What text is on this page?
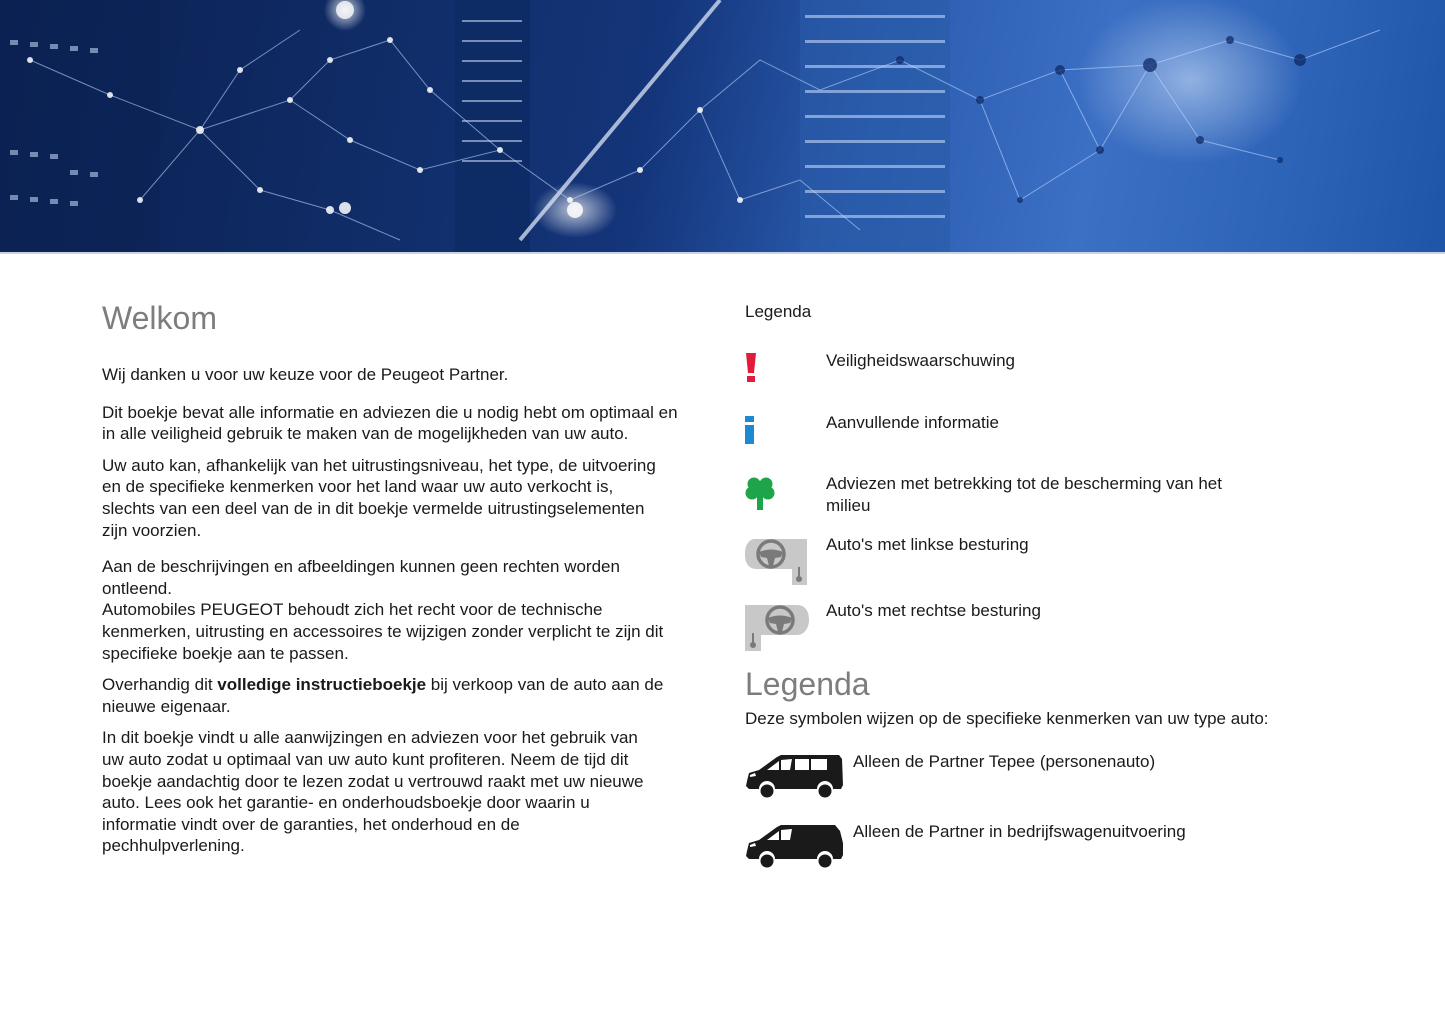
Welkom

Wij danken u voor uw keuze voor de Peugeot Partner.

Dit boekje bevat alle informatie en adviezen die u nodig hebt om optimaal en in alle veiligheid gebruik te maken van de mogelijkheden van uw auto.

Uw auto kan, afhankelijk van het uitrustingsniveau, het type, de uitvoering en de specifieke kenmerken voor het land waar uw auto verkocht is, slechts van een deel van de in dit boekje vermelde uitrustingselementen zijn voorzien.

Aan de beschrijvingen en afbeeldingen kunnen geen rechten worden ontleend.

Automobiles PEUGEOT behoudt zich het recht voor de technische kenmerken, uitrusting en accessoires te wijzigen zonder verplicht te zijn dit specifieke boekje aan te passen.

Overhandig dit volledige instructieboekje bij verkoop van de auto aan de nieuwe eigenaar.

In dit boekje vindt u alle aanwijzingen en adviezen voor het gebruik van uw auto zodat u optimaal van uw auto kunt profiteren. Neem de tijd dit boekje aandachtig door te lezen zodat u vertrouwd raakt met uw nieuwe auto. Lees ook het garantie- en onderhoudsboekje door waarin u informatie vindt over de garanties, het onderhoud en de pechhulpverlening.

Legenda
Veiligheidswaarschuwing
Aanvullende informatie
Adviezen met betrekking tot de bescherming van het milieu
Auto's met linkse besturing
Auto's met rechtse besturing
Legenda
Deze symbolen wijzen op de specifieke kenmerken van uw type auto:
Alleen de Partner Tepee (personenauto)
Alleen de Partner in bedrijfswagenuitvoering
